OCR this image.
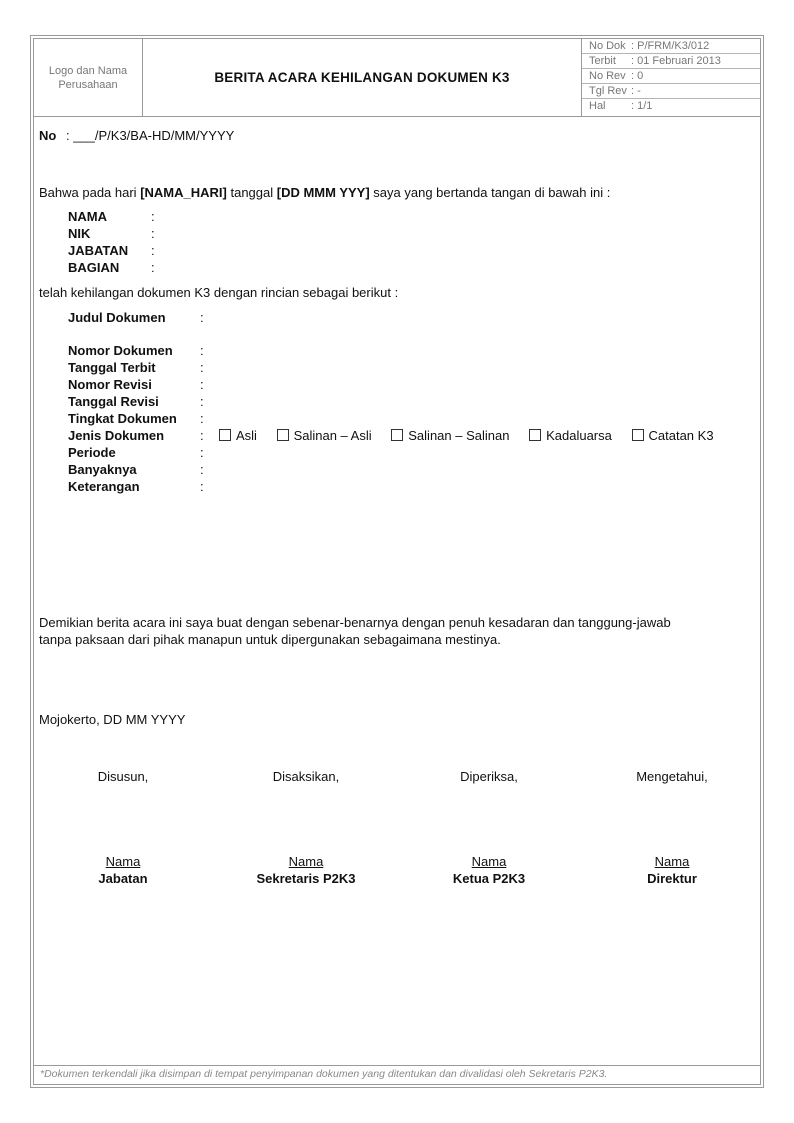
Logo dan Nama Perusahaan	BERITA ACARA KEHILANGAN DOKUMEN K3
No Dok : P/FRM/K3/012
Terbit : 01 Februari 2013
No Rev : 0
Tgl Rev : -
Hal : 1/1
No : ___/P/K3/BA-HD/MM/YYYY
Bahwa pada hari [NAMA_HARI] tanggal [DD MMM YYY] saya yang bertanda tangan di bawah ini :
NAMA	:
NIK	:
JABATAN :
BAGIAN :
telah kehilangan dokumen K3 dengan rincian sebagai berikut :
Judul Dokumen	:
Nomor Dokumen :
Tanggal Terbit	:
Nomor Revisi	:
Tanggal Revisi	:
Tingkat Dokumen :
Jenis Dokumen	:	Asli	Salinan – Asli	Salinan – Salinan	Kadaluarsa	Catatan K3
Periode	:
Banyaknya	:
Keterangan	:
Demikian berita acara ini saya buat dengan sebenar-benarnya dengan penuh kesadaran dan tanggung-jawab
tanpa paksaan dari pihak manapun untuk dipergunakan sebagaimana mestinya.
Mojokerto, DD MM YYYY
Disusun,	Disaksikan,	Diperiksa,	Mengetahui,
Nama	Nama	Nama	Nama
Jabatan	Sekretaris P2K3	Ketua P2K3	Direktur
*Dokumen terkendali jika disimpan di tempat penyimpanan dokumen yang ditentukan dan divalidasi oleh Sekretaris P2K3.
